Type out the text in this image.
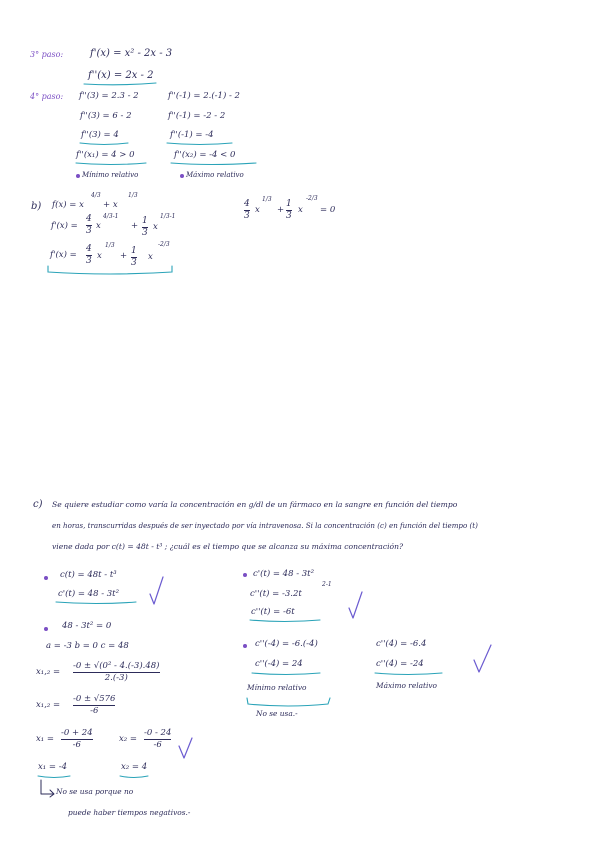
3° paso:	f'(x) = x² - 2x - 3
f''(x) = 2x - 2
4° paso: f''(3) = 2.3 - 2
f''(3) = 6 - 2
f''(3) = 4
f''(x₁) = 4 > 0
Mínimo relativo
f''(-1) = 2.(-1) - 2
f''(-1) = -2 - 2
f''(-1) = -4
f''(x₂) = -4 < 0
Máximo relativo
b) f(x) = x
4/3
+ x
1/3
f'(x) =
4
3
x
4/3-1
+ 1
3
x
1/3-1
f'(x) =
4
3
x
1/3
+ 1
3
x
-2/3
4
3
x
1/3
+
1
3
x
-2/3
= 0
c) Se quiere estudiar como varía la concentración en g/dl de un fármaco en la sangre en función del tiempo
en horas, transcurridas después de ser inyectado por vía intravenosa. Si la concentración (c) en función del tiempo (t)
viene dada por c(t) = 48t - t³ ; ¿cuál es el tiempo que se alcanza su máxima concentración?
c(t) = 48t - t³
c'(t) = 48 - 3t²
48 - 3t² = 0
a = -3 b = 0 c = 48
x₁,₂ =
-0 ± √(0² - 4.(-3).48)
2.(-3)
x₁,₂ =
-0 ± √576
-6
x₁ =
-0 + 24
-6
x₂ =
-0 - 24
-6
x₁ = -4	x₂ = 4
No se usa porque no
puede haber tiempos negativos.-
c'(t) = 48 - 3t²
c''(t) = -3.2t
2-1
c''(t) = -6t
c''(-4) = -6.(-4)
c''(-4) = 24
Mínimo relativo
No se usa.-
c''(4) = -6.4
c''(4) = -24
Máximo relativo
